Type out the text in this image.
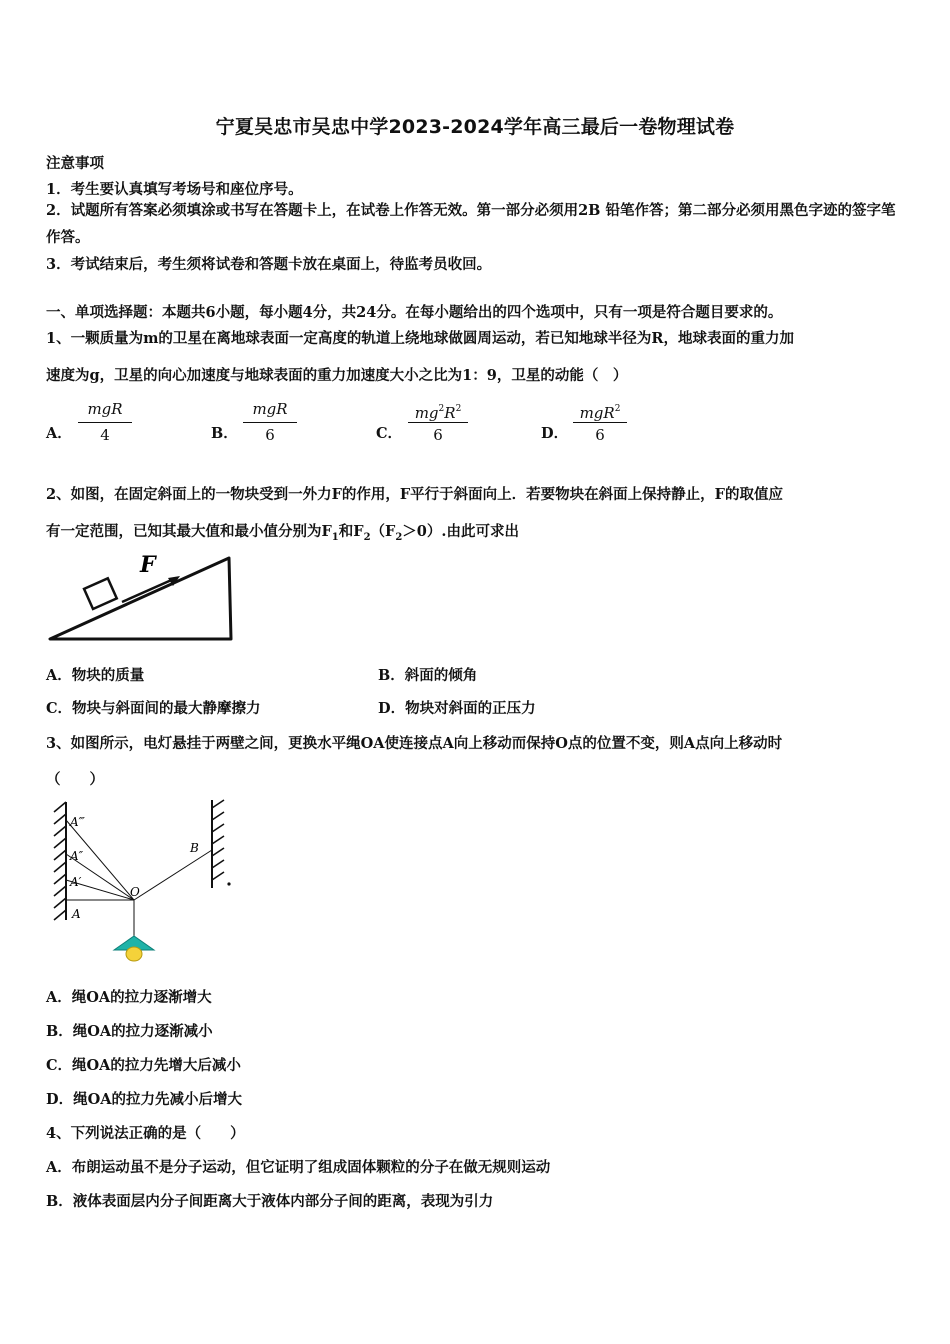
宁夏吴忠市吴忠中学2023-2024学年高三最后一卷物理试卷
注意事项
1．考生要认真填写考场号和座位序号。
2．试题所有答案必须填涂或书写在答题卡上，在试卷上作答无效。第一部分必须用2B 铅笔作答；第二部分必须用黑色字迹的签字笔作答。
3．考试结束后，考生须将试卷和答题卡放在桌面上，待监考员收回。
一、单项选择题：本题共6小题，每小题4分，共24分。在每小题给出的四个选项中，只有一项是符合题目要求的。
1、一颗质量为m的卫星在离地球表面一定高度的轨道上绕地球做圆周运动，若已知地球半径为R，地球表面的重力加
速度为g，卫星的向心加速度与地球表面的重力加速度大小之比为1：9，卫星的动能（　）
A．
mgR
4	B．
mgR
6	C．
$mg^2R^2$
6	D．
mgR$^2$
6
2、如图，在固定斜面上的一物块受到一外力F的作用，F平行于斜面向上．若要物块在斜面上保持静止，F的取值应
有一定范围，已知其最大值和最小值分别为$F_1$和$F_2(F_2>0)$.由此可求出
F
A．物块的质量	B．斜面的倾角
C．物块与斜面间的最大静摩擦力	D．物块对斜面的正压力
3、如图所示，电灯悬挂于两壁之间，更换水平绳OA使连接点A向上移动而保持O点的位置不变，则A点向上移动时
（　　）
A‴
A″
A′
A
O
B
A．绳OA的拉力逐渐增大
B．绳OA的拉力逐渐减小
C．绳OA的拉力先增大后减小
D．绳OA的拉力先减小后增大
4、下列说法正确的是（　　）
A．布朗运动虽不是分子运动，但它证明了组成固体颗粒的分子在做无规则运动
B．液体表面层内分子间距离大于液体内部分子间的距离，表现为引力
